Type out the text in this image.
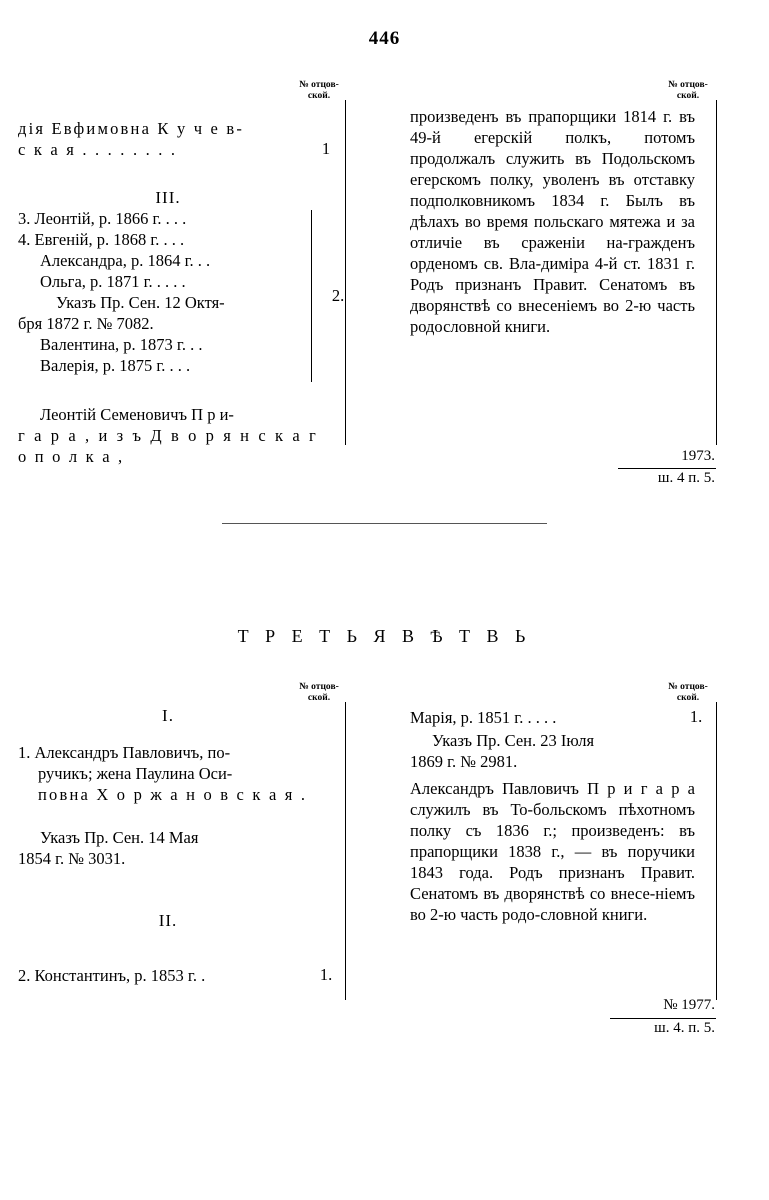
446
№ отцов-
ской.
№ отцов-
ской.
дія Евфимовна К у ч е в-
с к а я . . . . . . . .	1
III.
3. Леонтій, р. 1866 г. . . .
4. Евгеній, р. 1868 г. . . .
Александра, р. 1864 г. . .
Ольга, р. 1871 г. . . . .
Указъ Пр. Сен. 12 Октя-
бря 1872 г. № 7082.
Валентина, р. 1873 г. . .
Валерія, р. 1875 г. . . .
2.
Леонтій Семеновичъ П р и-
г а р а , и з ъ Д в о р я н с к а г о п о л к а ,
произведенъ въ прапорщики 1814 г. въ 49-й егерскій полкъ, потомъ продолжалъ служить въ Подольскомъ егерскомъ полку, уволенъ въ отставку подполковникомъ 1834 г. Былъ въ дѣлахъ во время польскаго мятежа и за отличіе въ сраженіи на-гражденъ орденомъ св. Вла-диміра 4-й ст. 1831 г. Родъ признанъ Правит. Сенатомъ въ дворянствѣ со внесеніемъ во 2-ю часть родословной книги.
1973.
ш. 4 п. 5.
Т Р Е Т Ь Я В Ѣ Т В Ь
№ отцов-
ской.
№ отцов-
ской.
I.
1. Александръ Павловичъ, по-
ручикъ; жена Паулина Оси-
повна Х о р ж а н о в с к а я .
Указъ Пр. Сен. 14 Мая
1854 г. № 3031.
II.
2. Константинъ, р. 1853 г. .	1.
Марія, р. 1851 г. . . . .	1.
Указъ Пр. Сен. 23 Іюля
1869 г. № 2981.
Александръ Павловичъ П р и г а р а служилъ въ То-больскомъ пѣхотномъ полку съ 1836 г.; произведенъ: въ прапорщики 1838 г., — въ поручики 1843 года. Родъ признанъ Правит. Сенатомъ въ дворянствѣ со внесе-ніемъ во 2-ю часть родо-словной книги.
№ 1977.
ш. 4. п. 5.
